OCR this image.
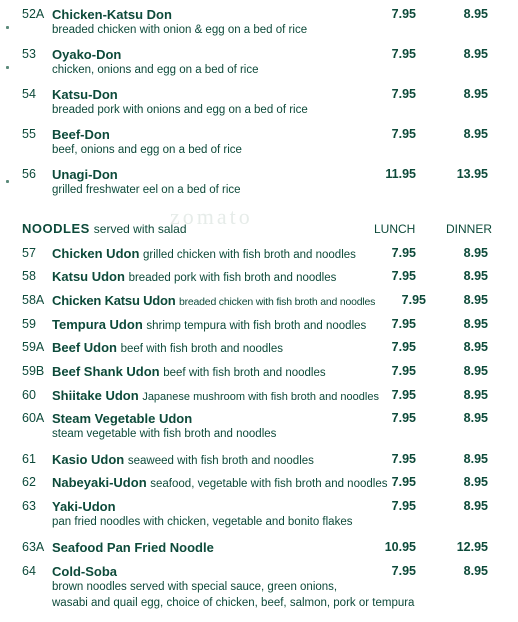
zomato
52A Chicken-Katsu Don	7.95	8.95
breaded chicken with onion & egg on a bed of rice
53 Oyako-Don	7.95	8.95
chicken, onions and egg on a bed of rice
54 Katsu-Don	7.95	8.95
breaded pork with onions and egg on a bed of rice
55 Beef-Don	7.95	8.95
beef, onions and egg on a bed of rice
56 Unagi-Don	11.95	13.95
grilled freshwater eel on a bed of rice
NOODLES served with salad	LUNCH	DINNER
57 Chicken Udon grilled chicken with fish broth and noodles	7.95	8.95
58 Katsu Udon breaded pork with fish broth and noodles	7.95	8.95
58A Chicken Katsu Udon breaded chicken with fish broth and noodles	7.95	8.95
59 Tempura Udon shrimp tempura with fish broth and noodles	7.95	8.95
59A Beef Udon beef with fish broth and noodles	7.95	8.95
59B Beef Shank Udon beef with fish broth and noodles	7.95	8.95
60 Shiitake Udon Japanese mushroom with fish broth and noodles	7.95	8.95
60A Steam Vegetable Udon	7.95	8.95
steam vegetable with fish broth and noodles
61 Kasio Udon seaweed with fish broth and noodles	7.95	8.95
62 Nabeyaki-Udon seafood, vegetable with fish broth and noodles 7.95	8.95
63 Yaki-Udon	7.95	8.95
pan fried noodles with chicken, vegetable and bonito flakes
63A Seafood Pan Fried Noodle	10.95	12.95
64 Cold-Soba	7.95	8.95
brown noodles served with special sauce, green onions,
wasabi and quail egg, choice of chicken, beef, salmon, pork or tempura
